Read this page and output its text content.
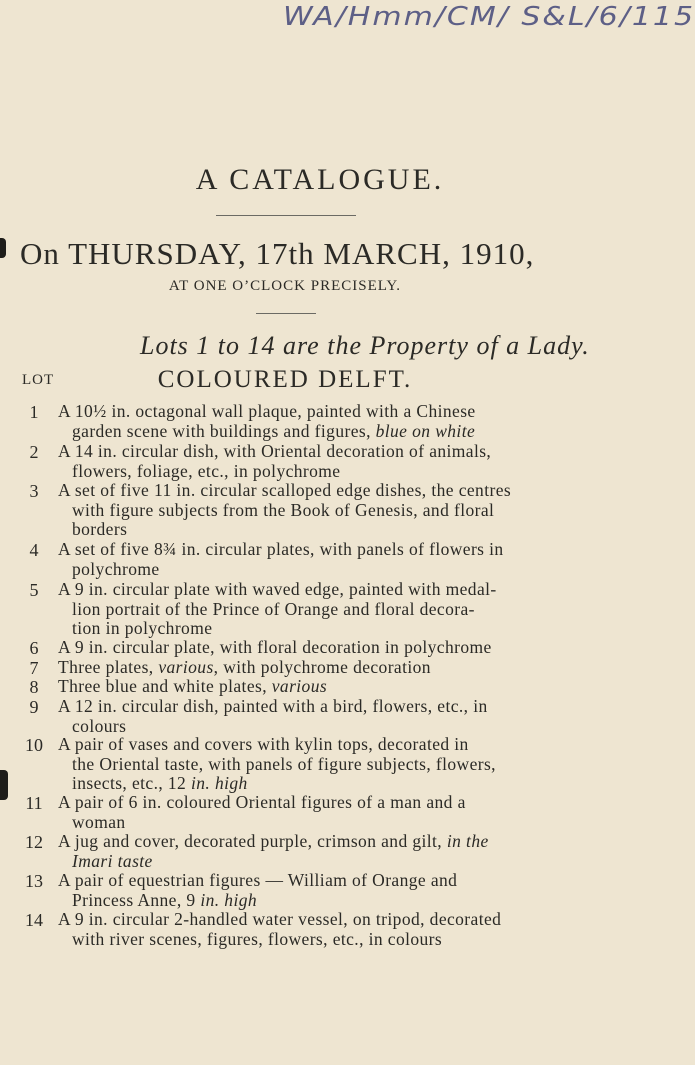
WA/Hmm/CM/ S&L/6/115
A CATALOGUE.
On THURSDAY, 17th MARCH, 1910,
AT ONE O’CLOCK PRECISELY.
Lots 1 to 14 are the Property of a Lady.
COLOURED DELFT.
LOT
1	A 10½ in. octagonal wall plaque, painted with a Chinese
garden scene with buildings and figures, blue on white
2	A 14 in. circular dish, with Oriental decoration of animals,
flowers, foliage, etc., in polychrome
3	A set of five 11 in. circular scalloped edge dishes, the centres
with figure subjects from the Book of Genesis, and floral
borders
4	A set of five 8¾ in. circular plates, with panels of flowers in
polychrome
5	A 9 in. circular plate with waved edge, painted with medal-
lion portrait of the Prince of Orange and floral decora-
tion in polychrome
6	A 9 in. circular plate, with floral decoration in polychrome
7	Three plates, various, with polychrome decoration
8	Three blue and white plates, various
9	A 12 in. circular dish, painted with a bird, flowers, etc., in
colours
10 A pair of vases and covers with kylin tops, decorated in
the Oriental taste, with panels of figure subjects, flowers,
insects, etc., 12 in. high
11 A pair of 6 in. coloured Oriental figures of a man and a
woman
12 A jug and cover, decorated purple, crimson and gilt, in the
Imari taste
13 A pair of equestrian figures — William of Orange and
Princess Anne, 9 in. high
14 A 9 in. circular 2-handled water vessel, on tripod, decorated
with river scenes, figures, flowers, etc., in colours
